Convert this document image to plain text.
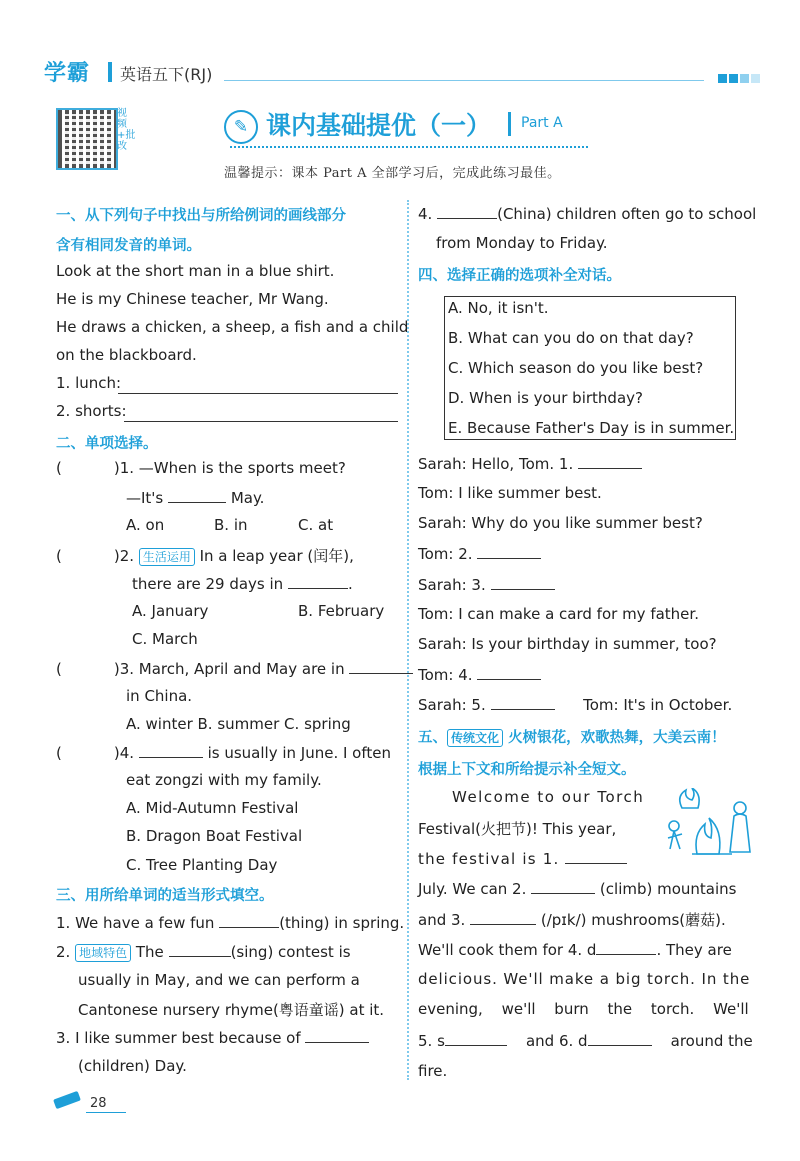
学霸 英语五下(RJ)
视频+批改
✎ 课内基础提优（一） Part A
温馨提示：课本 Part A 全部学习后，完成此练习最佳。
一、从下列句子中找出与所给例词的画线部分
含有相同发音的单词。
Look at the short man in a blue shirt.
He is my Chinese teacher, Mr Wang.
He draws a chicken, a sheep, a fish and a child
on the blackboard.
1. lunch:
2. shorts:
二、单项选择。
(	)1. —When is the sports meet?
—It's	May.
A. on	B. in	C. at
(	)2. 生活运用 In a leap year (闰年),
there are 29 days in	.
A. January	B. February
C. March
(	)3. March, April and May are in
in China.
A. winter B. summer C. spring
(	)4.	is usually in June. I often
eat zongzi with my family.
A. Mid-Autumn Festival
B. Dragon Boat Festival
C. Tree Planting Day
三、用所给单词的适当形式填空。
1. We have a few fun	(thing) in spring.
2. 地域特色 The	(sing) contest is
usually in May, and we can perform a
Cantonese nursery rhyme(粤语童谣) at it.
3. I like summer best because of
(children) Day.
4.	(China) children often go to school
from Monday to Friday.
四、选择正确的选项补全对话。
A. No, it isn't.
B. What can you do on that day?
C. Which season do you like best?
D. When is your birthday?
E. Because Father's Day is in summer.
Sarah: Hello, Tom. 1.
Tom: I like summer best.
Sarah: Why do you like summer best?
Tom: 2.
Sarah: 3.
Tom: I can make a card for my father.
Sarah: Is your birthday in summer, too?
Tom: 4.
Sarah: 5.	Tom: It's in October.
五、 传统文化 火树银花，欢歌热舞，大美云南！
根据上下文和所给提示补全短文。
Welcome to our Torch
Festival(火把节)! This year,
the festival is 1.
July. We can 2.	(climb) mountains
and 3.	(/pɪk/) mushrooms(蘑菇).
We'll cook them for 4. d	. They are
delicious. We'll make a big torch. In the
evening, we'll burn the torch. We'll
5. s	and 6. d	around the
fire.
28
